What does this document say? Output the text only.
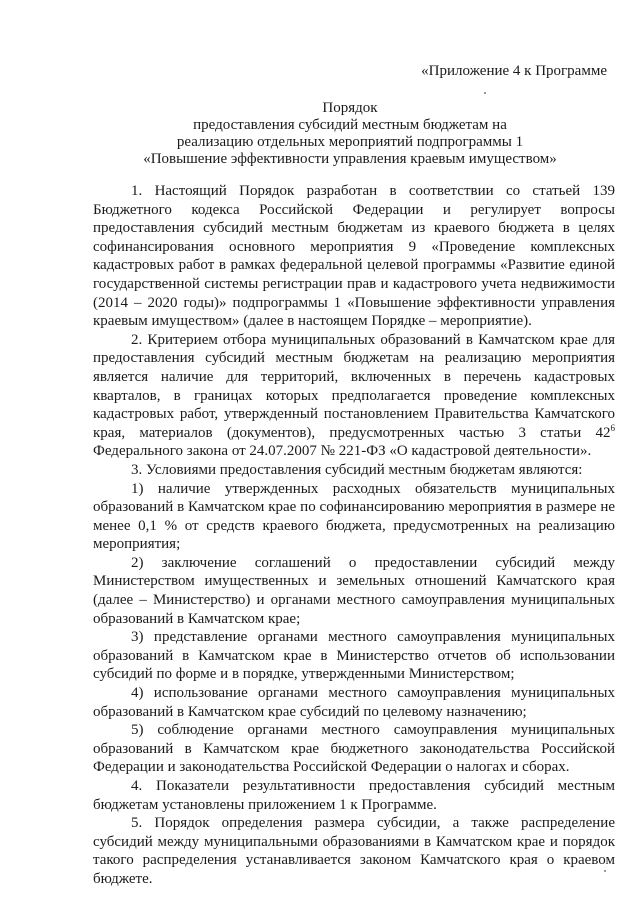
«Приложение 4 к Программе
Порядок
предоставления субсидий местным бюджетам на
реализацию отдельных мероприятий подпрограммы 1
«Повышение эффективности управления краевым имуществом»

1. Настоящий Порядок разработан в соответствии со статьей 139 Бюджетного кодекса Российской Федерации и регулирует вопросы предоставления субсидий местным бюджетам из краевого бюджета в целях софинансирования основного мероприятия 9 «Проведение комплексных кадастровых работ в рамках федеральной целевой программы «Развитие единой государственной системы регистрации прав и кадастрового учета недвижимости (2014 – 2020 годы)» подпрограммы 1 «Повышение эффективности управления краевым имуществом» (далее в настоящем Порядке – мероприятие).

2. Критерием отбора муниципальных образований в Камчатском крае для предоставления субсидий местным бюджетам на реализацию мероприятия является наличие для территорий, включенных в перечень кадастровых кварталов, в границах которых предполагается проведение комплексных кадастровых работ, утвержденный постановлением Правительства Камчатского края, материалов (документов), предусмотренных частью 3 статьи $42^6$ Федерального закона от 24.07.2007 № 221-ФЗ «О кадастровой деятельности».

3. Условиями предоставления субсидий местным бюджетам являются:

1) наличие утвержденных расходных обязательств муниципальных образований в Камчатском крае по софинансированию мероприятия в размере не менее 0,1 % от средств краевого бюджета, предусмотренных на реализацию мероприятия;

2) заключение соглашений о предоставлении субсидий между Министерством имущественных и земельных отношений Камчатского края (далее – Министерство) и органами местного самоуправления муниципальных образований в Камчатском крае;

3) представление органами местного самоуправления муниципальных образований в Камчатском крае в Министерство отчетов об использовании субсидий по форме и в порядке, утвержденными Министерством;

4) использование органами местного самоуправления муниципальных образований в Камчатском крае субсидий по целевому назначению;

5) соблюдение органами местного самоуправления муниципальных образований в Камчатском крае бюджетного законодательства Российской Федерации и законодательства Российской Федерации о налогах и сборах.

4. Показатели результативности предоставления субсидий местным бюджетам установлены приложением 1 к Программе.

5. Порядок определения размера субсидии, а также распределение субсидий между муниципальными образованиями в Камчатском крае и порядок такого распределения устанавливается законом Камчатского края о краевом бюджете.
